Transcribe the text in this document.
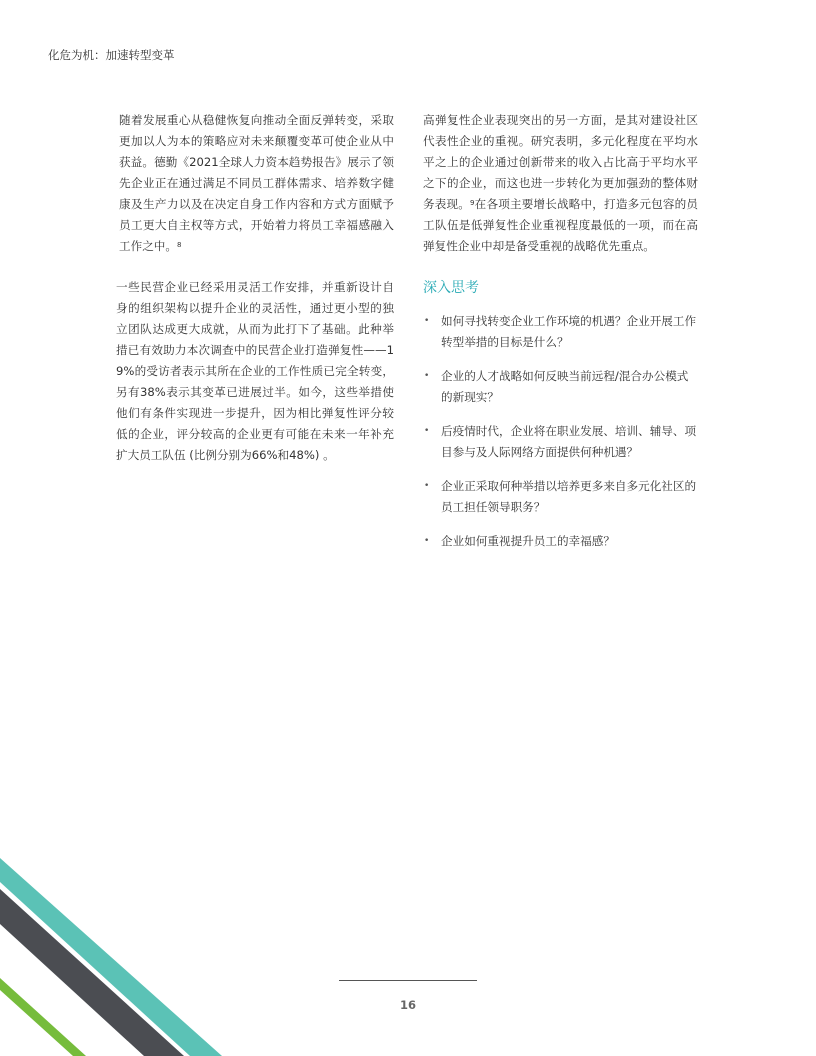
化危为机：加速转型变革

随着发展重心从稳健恢复向推动全面反弹转变，采取更加以人为本的策略应对未来颠覆变革可使企业从中获益。德勤《2021全球人力资本趋势报告》展示了领先企业正在通过满足不同员工群体需求、培养数字健康及生产力以及在决定自身工作内容和方式方面赋予员工更大自主权等方式，开始着力将员工幸福感融入工作之中。$^8$

一些民营企业已经采用灵活工作安排，并重新设计自身的组织架构以提升企业的灵活性，通过更小型的独立团队达成更大成就，从而为此打下了基础。此种举措已有效助力本次调查中的民营企业打造弹复性——19%的受访者表示其所在企业的工作性质已完全转变，另有38%表示其变革已进展过半。如今，这些举措使他们有条件实现进一步提升，因为相比弹复性评分较低的企业，评分较高的企业更有可能在未来一年补充扩大员工队伍 (比例分别为66%和48%) 。

高弹复性企业表现突出的另一方面，是其对建设社区代表性企业的重视。研究表明，多元化程度在平均水平之上的企业通过创新带来的收入占比高于平均水平之下的企业，而这也进一步转化为更加强劲的整体财务表现。$^9$在各项主要增长战略中，打造多元包容的员工队伍是低弹复性企业重视程度最低的一项，而在高弹复性企业中却是备受重视的战略优先重点。

深入思考
• 如何寻找转变企业工作环境的机遇？企业开展工作转型举措的目标是什么？
• 企业的人才战略如何反映当前远程/混合办公模式的新现实？
• 后疫情时代，企业将在职业发展、培训、辅导、项目参与及人际网络方面提供何种机遇？
• 企业正采取何种举措以培养更多来自多元化社区的员工担任领导职务？
• 企业如何重视提升员工的幸福感？
16
